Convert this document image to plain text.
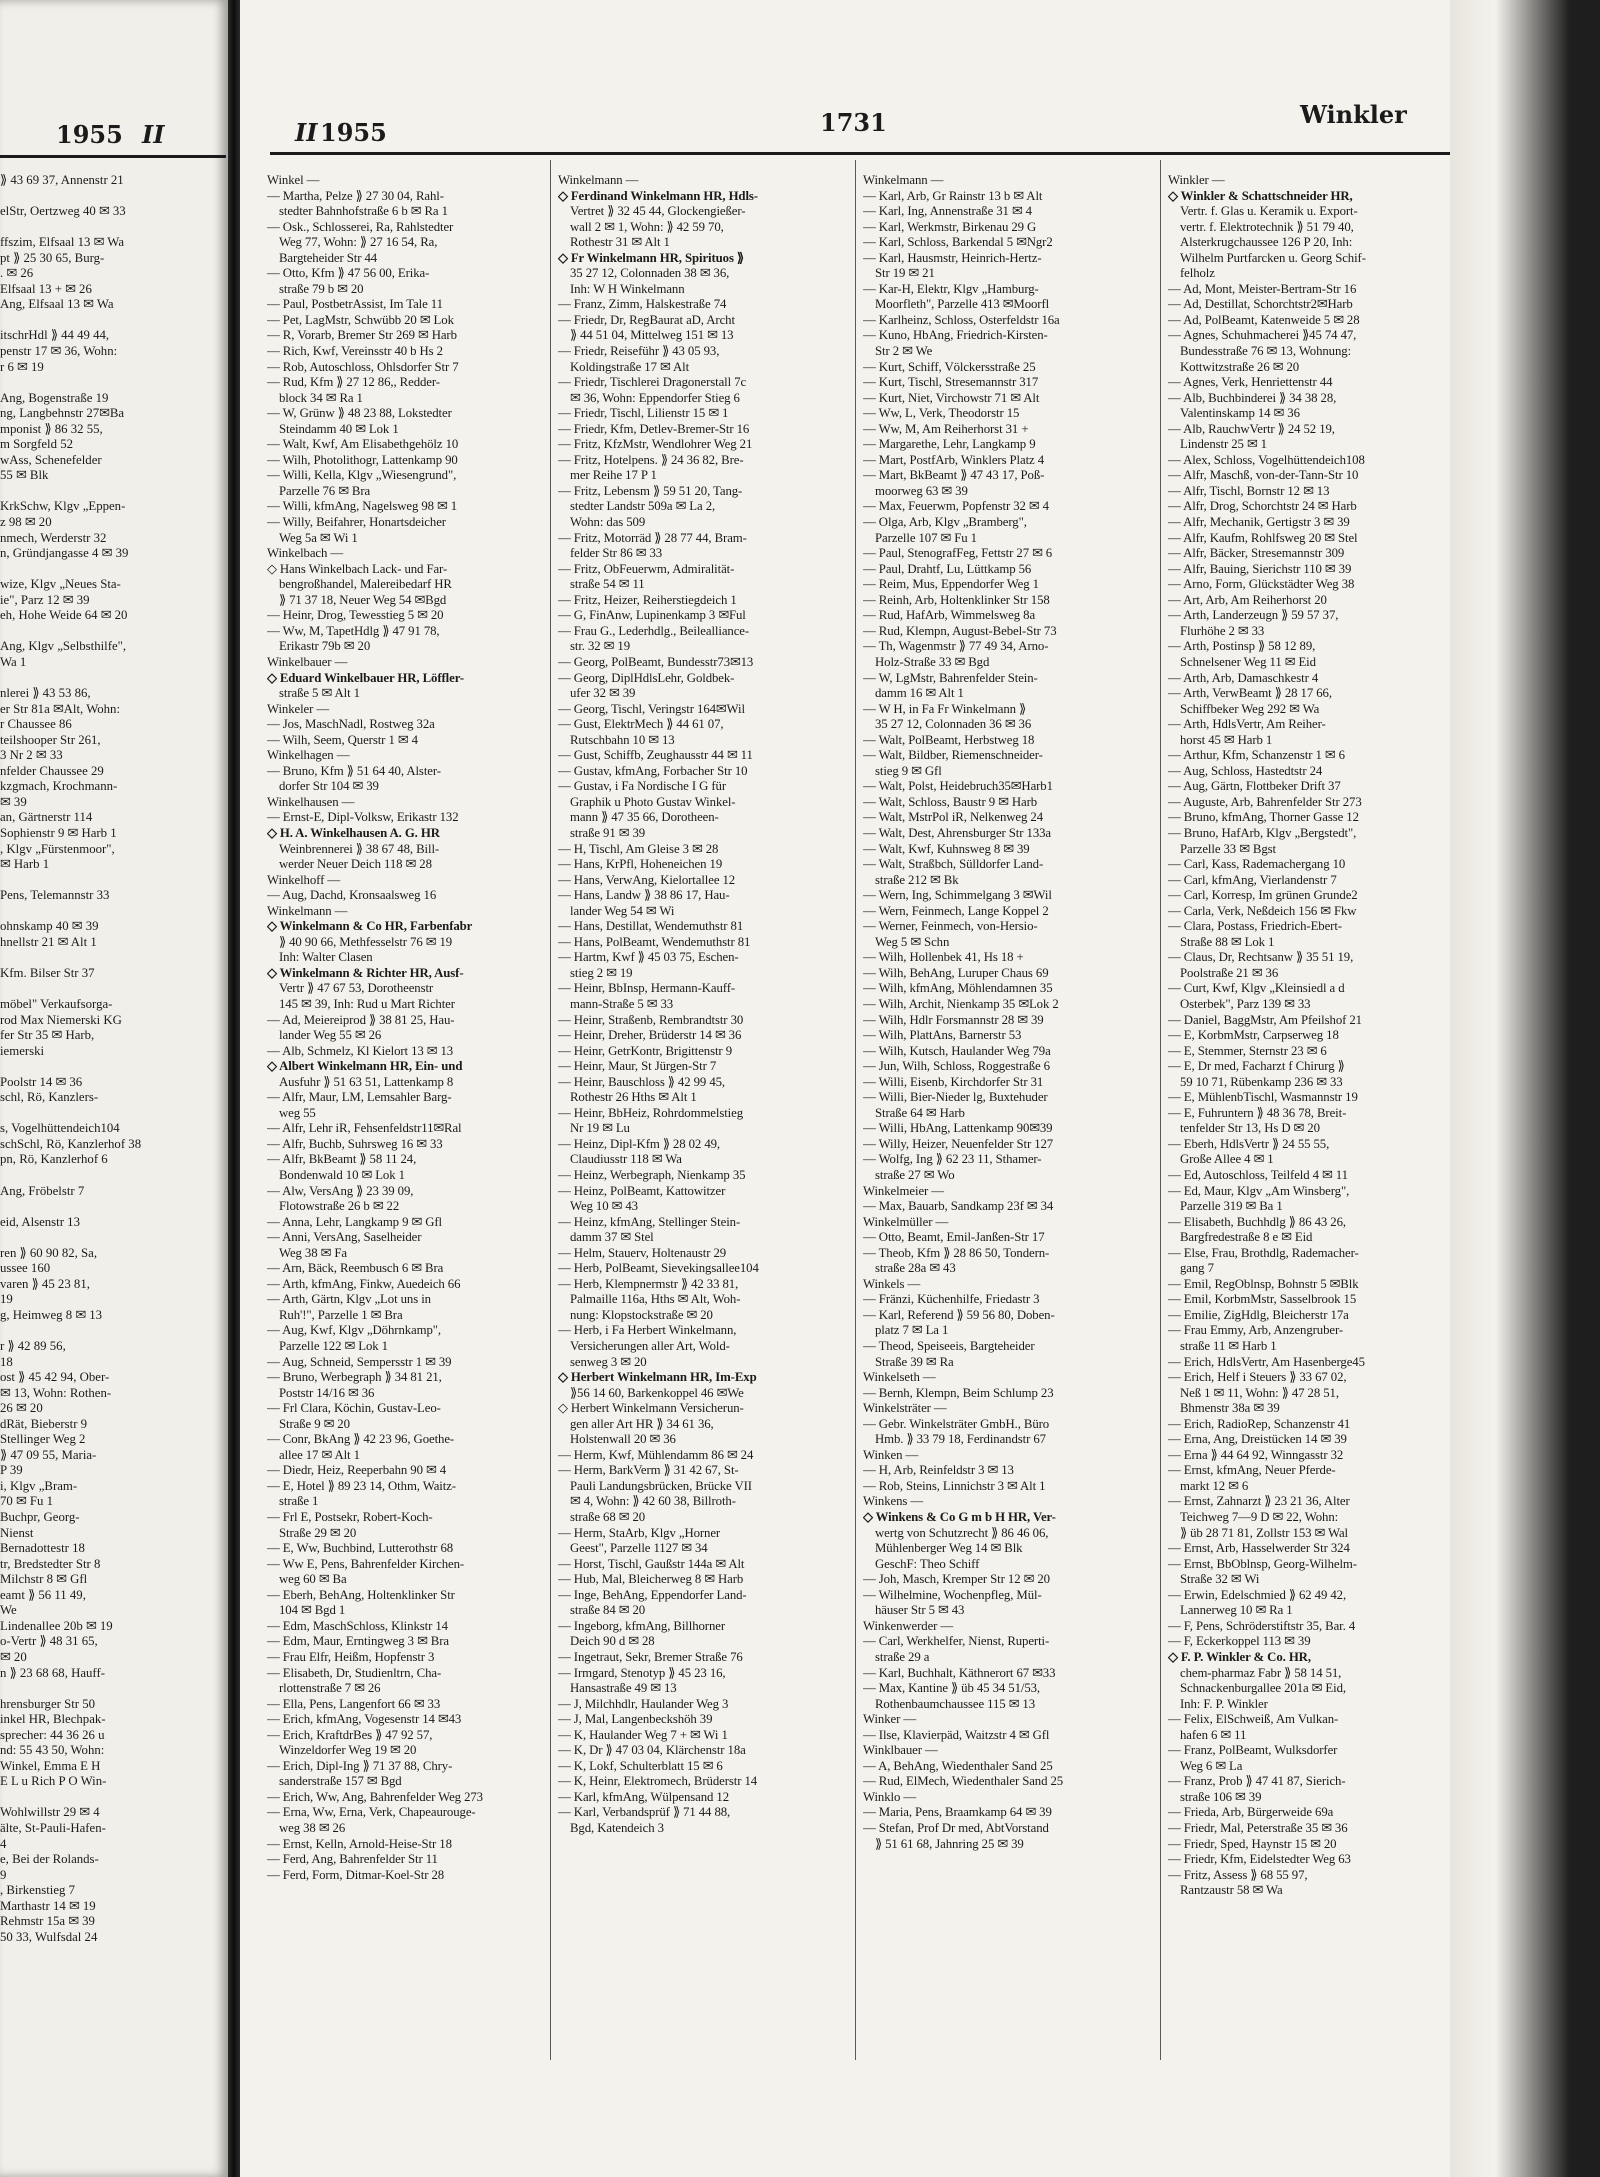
1955 II
⟫ 43 69 37, Annenstr 21

elStr, Oertzweg 40 ✉ 33

ffszim, Elfsaal 13 ✉ Wa
pt ⟫ 25 30 65, Burg-
. ✉ 26
Elfsaal 13 + ✉ 26
Ang, Elfsaal 13 ✉ Wa

itschrHdl ⟫ 44 49 44,
penstr 17 ✉ 36, Wohn:
r 6 ✉ 19

Ang, Bogenstraße 19
ng, Langbehnstr 27✉Ba
mponist ⟫ 86 32 55,
m Sorgfeld 52
wAss, Schenefelder
55 ✉ Blk

KrkSchw, Klgv „Eppen-
z 98 ✉ 20
nmech, Werderstr 32
n, Gründjangasse 4 ✉ 39

wize, Klgv „Neues Sta-
ie", Parz 12 ✉ 39
eh, Hohe Weide 64 ✉ 20

Ang, Klgv „Selbsthilfe",
Wa 1

nlerei ⟫ 43 53 86,
er Str 81a ✉Alt, Wohn:
r Chaussee 86
teilshooper Str 261,
3 Nr 2 ✉ 33
nfelder Chaussee 29
kzgmach, Krochmann-
✉ 39
an, Gärtnerstr 114
Sophienstr 9 ✉ Harb 1
, Klgv „Fürstenmoor",
✉ Harb 1

Pens, Telemannstr 33

ohnskamp 40 ✉ 39
hnellstr 21 ✉ Alt 1

Kfm. Bilser Str 37

möbel" Verkaufsorga-
rod Max Niemerski KG
fer Str 35 ✉ Harb,
iemerski

Poolstr 14 ✉ 36
schl, Rö, Kanzlers-

s, Vogelhüttendeich104
schSchl, Rö, Kanzlerhof 38
pn, Rö, Kanzlerhof 6

Ang, Fröbelstr 7

eid, Alsenstr 13

ren ⟫ 60 90 82, Sa,
ussee 160
varen ⟫ 45 23 81,
19
g, Heimweg 8 ✉ 13

r ⟫ 42 89 56,
18
ost ⟫ 45 42 94, Ober-
✉ 13, Wohn: Rothen-
26 ✉ 20
dRät, Bieberstr 9
Stellinger Weg 2
⟫ 47 09 55, Maria-
P 39
i, Klgv „Bram-
70 ✉ Fu 1
Buchpr, Georg-
Nienst
Bernadottestr 18
tr, Bredstedter Str 8
Milchstr 8 ✉ Gfl
eamt ⟫ 56 11 49,
We
Lindenallee 20b ✉ 19
o-Vertr ⟫ 48 31 65,
✉ 20
n ⟫ 23 68 68, Hauff-

hrensburger Str 50
inkel HR, Blechpak-
sprecher: 44 36 26 u
nd: 55 43 50, Wohn:
Winkel, Emma E H
E L u Rich P O Win-

Wohlwillstr 29 ✉ 4
älte, St-Pauli-Hafen-
4
e, Bei der Rolands-
9
, Birkenstieg 7
Marthastr 14 ✉ 19
Rehmstr 15a ✉ 39
50 33, Wulfsdal 24
II 1955	1731	Winkler
Winkel —
— Martha, Pelze ⟫ 27 30 04, Rahl-
stedter Bahnhofstraße 6 b ✉ Ra 1
— Osk., Schlosserei, Ra, Rahlstedter
Weg 77, Wohn: ⟫ 27 16 54, Ra,
Bargteheider Str 44
— Otto, Kfm ⟫ 47 56 00, Erika-
straße 79 b ✉ 20
— Paul, PostbetrAssist, Im Tale 11
— Pet, LagMstr, Schwübb 20 ✉ Lok
— R, Vorarb, Bremer Str 269 ✉ Harb
— Rich, Kwf, Vereinsstr 40 b Hs 2
— Rob, Autoschloss, Ohlsdorfer Str 7
— Rud, Kfm ⟫ 27 12 86,, Redder-
block 34 ✉ Ra 1
— W, Grünw ⟫ 48 23 88, Lokstedter
Steindamm 40 ✉ Lok 1
— Walt, Kwf, Am Elisabethgehölz 10
— Wilh, Photolithogr, Lattenkamp 90
— Willi, Kella, Klgv „Wiesengrund",
Parzelle 76 ✉ Bra
— Willi, kfmAng, Nagelsweg 98 ✉ 1
— Willy, Beifahrer, Honartsdeicher
Weg 5a ✉ Wi 1
Winkelbach —
◇ Hans Winkelbach Lack- und Far-
bengroßhandel, Malereibedarf HR
⟫ 71 37 18, Neuer Weg 54 ✉Bgd
— Heinr, Drog, Tewesstieg 5 ✉ 20
— Ww, M, TapetHdlg ⟫ 47 91 78,
Erikastr 79b ✉ 20
Winkelbauer —
◇ Eduard Winkelbauer HR, Löffler-
straße 5 ✉ Alt 1
Winkeler —
— Jos, MaschNadl, Rostweg 32a
— Wilh, Seem, Querstr 1 ✉ 4
Winkelhagen —
— Bruno, Kfm ⟫ 51 64 40, Alster-
dorfer Str 104 ✉ 39
Winkelhausen —
— Ernst-E, Dipl-Volksw, Erikastr 132
◇ H. A. Winkelhausen A. G. HR
Weinbrennerei ⟫ 38 67 48, Bill-
werder Neuer Deich 118 ✉ 28
Winkelhoff —
— Aug, Dachd, Kronsaalsweg 16
Winkelmann —
◇ Winkelmann & Co HR, Farbenfabr
⟫ 40 90 66, Methfesselstr 76 ✉ 19
Inh: Walter Clasen
◇ Winkelmann & Richter HR, Ausf-
Vertr ⟫ 47 67 53, Dorotheenstr
145 ✉ 39, Inh: Rud u Mart Richter
— Ad, Meiereiprod ⟫ 38 81 25, Hau-
lander Weg 55 ✉ 26
— Alb, Schmelz, Kl Kielort 13 ✉ 13
◇ Albert Winkelmann HR, Ein- und
Ausfuhr ⟫ 51 63 51, Lattenkamp 8
— Alfr, Maur, LM, Lemsahler Barg-
weg 55
— Alfr, Lehr iR, Fehsenfeldstr11✉Ral
— Alfr, Buchb, Suhrsweg 16 ✉ 33
— Alfr, BkBeamt ⟫ 58 11 24,
Bondenwald 10 ✉ Lok 1
— Alw, VersAng ⟫ 23 39 09,
Flotowstraße 26 b ✉ 22
— Anna, Lehr, Langkamp 9 ✉ Gfl
— Anni, VersAng, Saselheider
Weg 38 ✉ Fa
— Arn, Bäck, Reembusch 6 ✉ Bra
— Arth, kfmAng, Finkw, Auedeich 66
— Arth, Gärtn, Klgv „Lot uns in
Ruh'!", Parzelle 1 ✉ Bra
— Aug, Kwf, Klgv „Döhrnkamp",
Parzelle 122 ✉ Lok 1
— Aug, Schneid, Sempersstr 1 ✉ 39
— Bruno, Werbegraph ⟫ 34 81 21,
Poststr 14/16 ✉ 36
— Frl Clara, Köchin, Gustav-Leo-
Straße 9 ✉ 20
— Conr, BkAng ⟫ 42 23 96, Goethe-
allee 17 ✉ Alt 1
— Diedr, Heiz, Reeperbahn 90 ✉ 4
— E, Hotel ⟫ 89 23 14, Othm, Waitz-
straße 1
— Frl E, Postsekr, Robert-Koch-
Straße 29 ✉ 20
— E, Ww, Buchbind, Lutterothstr 68
— Ww E, Pens, Bahrenfelder Kirchen-
weg 60 ✉ Ba
— Eberh, BehAng, Holtenklinker Str
104 ✉ Bgd 1
— Edm, MaschSchloss, Klinkstr 14
— Edm, Maur, Erntingweg 3 ✉ Bra
— Frau Elfr, Heißm, Hopfenstr 3
— Elisabeth, Dr, Studienltrn, Cha-
rlottenstraße 7 ✉ 26
— Ella, Pens, Langenfort 66 ✉ 33
— Erich, kfmAng, Vogesenstr 14 ✉43
— Erich, KraftdrBes ⟫ 47 92 57,
Winzeldorfer Weg 19 ✉ 20
— Erich, Dipl-Ing ⟫ 71 37 88, Chry-
sanderstraße 157 ✉ Bgd
— Erich, Ww, Ang, Bahrenfelder Weg 273
— Erna, Ww, Erna, Verk, Chapeaurouge-
weg 38 ✉ 26
— Ernst, Kelln, Arnold-Heise-Str 18
— Ferd, Ang, Bahrenfelder Str 11
— Ferd, Form, Ditmar-Koel-Str 28
Winkelmann —
◇ Ferdinand Winkelmann HR, Hdls-
Vertret ⟫ 32 45 44, Glockengießer-
wall 2 ✉ 1, Wohn: ⟫ 42 59 70,
Rothestr 31 ✉ Alt 1
◇ Fr Winkelmann HR, Spirituos ⟫
35 27 12, Colonnaden 38 ✉ 36,
Inh: W H Winkelmann
— Franz, Zimm, Halskestraße 74
— Friedr, Dr, RegBaurat aD, Archt
⟫ 44 51 04, Mittelweg 151 ✉ 13
— Friedr, Reiseführ ⟫ 43 05 93,
Koldingstraße 17 ✉ Alt
— Friedr, Tischlerei Dragonerstall 7c
✉ 36, Wohn: Eppendorfer Stieg 6
— Friedr, Tischl, Lilienstr 15 ✉ 1
— Friedr, Kfm, Detlev-Bremer-Str 16
— Fritz, KfzMstr, Wendlohrer Weg 21
— Fritz, Hotelpens. ⟫ 24 36 82, Bre-
mer Reihe 17 P 1
— Fritz, Lebensm ⟫ 59 51 20, Tang-
stedter Landstr 509a ✉ La 2,
Wohn: das 509
— Fritz, Motorräd ⟫ 28 77 44, Bram-
felder Str 86 ✉ 33
— Fritz, ObFeuerwm, Admiralität-
straße 54 ✉ 11
— Fritz, Heizer, Reiherstiegdeich 1
— G, FinAnw, Lupinenkamp 3 ✉Ful
— Frau G., Lederhdlg., Beilealliance-
str. 32 ✉ 19
— Georg, PolBeamt, Bundesstr73✉13
— Georg, DiplHdlsLehr, Goldbek-
ufer 32 ✉ 39
— Georg, Tischl, Veringstr 164✉Wil
— Gust, ElektrMech ⟫ 44 61 07,
Rutschbahn 10 ✉ 13
— Gust, Schiffb, Zeughausstr 44 ✉ 11
— Gustav, kfmAng, Forbacher Str 10
— Gustav, i Fa Nordische I G für
Graphik u Photo Gustav Winkel-
mann ⟫ 47 35 66, Dorotheen-
straße 91 ✉ 39
— H, Tischl, Am Gleise 3 ✉ 28
— Hans, KrPfl, Hoheneichen 19
— Hans, VerwAng, Kielortallee 12
— Hans, Landw ⟫ 38 86 17, Hau-
lander Weg 54 ✉ Wi
— Hans, Destillat, Wendemuthstr 81
— Hans, PolBeamt, Wendemuthstr 81
— Hartm, Kwf ⟫ 45 03 75, Eschen-
stieg 2 ✉ 19
— Heinr, BbInsp, Hermann-Kauff-
mann-Straße 5 ✉ 33
— Heinr, Straßenb, Rembrandtstr 30
— Heinr, Dreher, Brüderstr 14 ✉ 36
— Heinr, GetrKontr, Brigittenstr 9
— Heinr, Maur, St Jürgen-Str 7
— Heinr, Bauschloss ⟫ 42 99 45,
Rothestr 26 Hths ✉ Alt 1
— Heinr, BbHeiz, Rohrdommelstieg
Nr 19 ✉ Lu
— Heinz, Dipl-Kfm ⟫ 28 02 49,
Claudiusstr 118 ✉ Wa
— Heinz, Werbegraph, Nienkamp 35
— Heinz, PolBeamt, Kattowitzer
Weg 10 ✉ 43
— Heinz, kfmAng, Stellinger Stein-
damm 37 ✉ Stel
— Helm, Stauerv, Holtenaustr 29
— Herb, PolBeamt, Sievekingsallee104
— Herb, Klempnermstr ⟫ 42 33 81,
Palmaille 116a, Hths ✉ Alt, Woh-
nung: Klopstockstraße ✉ 20
— Herb, i Fa Herbert Winkelmann,
Versicherungen aller Art, Wold-
senweg 3 ✉ 20
◇ Herbert Winkelmann HR, Im-Exp
⟫56 14 60, Barkenkoppel 46 ✉We
◇ Herbert Winkelmann Versicherun-
gen aller Art HR ⟫ 34 61 36,
Holstenwall 20 ✉ 36
— Herm, Kwf, Mühlendamm 86 ✉ 24
— Herm, BarkVerm ⟫ 31 42 67, St-
Pauli Landungsbrücken, Brücke VII
✉ 4, Wohn: ⟫ 42 60 38, Billroth-
straße 68 ✉ 20
— Herm, StaArb, Klgv „Horner
Geest", Parzelle 1127 ✉ 34
— Horst, Tischl, Gaußstr 144a ✉ Alt
— Hub, Mal, Bleicherweg 8 ✉ Harb
— Inge, BehAng, Eppendorfer Land-
straße 84 ✉ 20
— Ingeborg, kfmAng, Billhorner
Deich 90 d ✉ 28
— Ingetraut, Sekr, Bremer Straße 76
— Irmgard, Stenotyp ⟫ 45 23 16,
Hansastraße 49 ✉ 13
— J, Milchhdlr, Haulander Weg 3
— J, Mal, Langenbeckshöh 39
— K, Haulander Weg 7 + ✉ Wi 1
— K, Dr ⟫ 47 03 04, Klärchenstr 18a
— K, Lokf, Schulterblatt 15 ✉ 6
— K, Heinr, Elektromech, Brüderstr 14
— Karl, kfmAng, Wülpensand 12
— Karl, Verbandsprüf ⟫ 71 44 88,
Bgd, Katendeich 3
Winkelmann —
— Karl, Arb, Gr Rainstr 13 b ✉ Alt
— Karl, Ing, Annenstraße 31 ✉ 4
— Karl, Werkmstr, Birkenau 29 G
— Karl, Schloss, Barkendal 5 ✉Ngr2
— Karl, Hausmstr, Heinrich-Hertz-
Str 19 ✉ 21
— Kar-H, Elektr, Klgv „Hamburg-
Moorfleth", Parzelle 413 ✉Moorfl
— Karlheinz, Schloss, Osterfeldstr 16a
— Kuno, HbAng, Friedrich-Kirsten-
Str 2 ✉ We
— Kurt, Schiff, Völckersstraße 25
— Kurt, Tischl, Stresemannstr 317
— Kurt, Niet, Virchowstr 71 ✉ Alt
— Ww, L, Verk, Theodorstr 15
— Ww, M, Am Reiherhorst 31 +
— Margarethe, Lehr, Langkamp 9
— Mart, PostfArb, Winklers Platz 4
— Mart, BkBeamt ⟫ 47 43 17, Poß-
moorweg 63 ✉ 39
— Max, Feuerwm, Popfenstr 32 ✉ 4
— Olga, Arb, Klgv „Bramberg",
Parzelle 107 ✉ Fu 1
— Paul, StenografFeg, Fettstr 27 ✉ 6
— Paul, Drahtf, Lu, Lüttkamp 56
— Reim, Mus, Eppendorfer Weg 1
— Reinh, Arb, Holtenklinker Str 158
— Rud, HafArb, Wimmelsweg 8a
— Rud, Klempn, August-Bebel-Str 73
— Th, Wagenmstr ⟫ 77 49 34, Arno-
Holz-Straße 33 ✉ Bgd
— W, LgMstr, Bahrenfelder Stein-
damm 16 ✉ Alt 1
— W H, in Fa Fr Winkelmann ⟫
35 27 12, Colonnaden 36 ✉ 36
— Walt, PolBeamt, Herbstweg 18
— Walt, Bildber, Riemenschneider-
stieg 9 ✉ Gfl
— Walt, Polst, Heidebruch35✉Harb1
— Walt, Schloss, Baustr 9 ✉ Harb
— Walt, MstrPol iR, Nelkenweg 24
— Walt, Dest, Ahrensburger Str 133a
— Walt, Kwf, Kuhnsweg 8 ✉ 39
— Walt, Straßbch, Sülldorfer Land-
straße 212 ✉ Bk
— Wern, Ing, Schimmelgang 3 ✉Wil
— Wern, Feinmech, Lange Koppel 2
— Werner, Feinmech, von-Hersio-
Weg 5 ✉ Schn
— Wilh, Hollenbek 41, Hs 18 +
— Wilh, BehAng, Luruper Chaus 69
— Wilh, kfmAng, Möhlendamnen 35
— Wilh, Archit, Nienkamp 35 ✉Lok 2
— Wilh, Hdlr Forsmannstr 28 ✉ 39
— Wilh, PlattAns, Barnerstr 53
— Wilh, Kutsch, Haulander Weg 79a
— Jun, Wilh, Schloss, Roggestraße 6
— Willi, Eisenb, Kirchdorfer Str 31
— Willi, Bier-Nieder lg, Buxtehuder
Straße 64 ✉ Harb
— Willi, HbAng, Lattenkamp 90✉39
— Willy, Heizer, Neuenfelder Str 127
— Wolfg, Ing ⟫ 62 23 11, Sthamer-
straße 27 ✉ Wo
Winkelmeier —
— Max, Bauarb, Sandkamp 23f ✉ 34
Winkelmüller —
— Otto, Beamt, Emil-Janßen-Str 17
— Theob, Kfm ⟫ 28 86 50, Tondern-
straße 28a ✉ 43
Winkels —
— Fränzi, Küchenhilfe, Friedastr 3
— Karl, Referend ⟫ 59 56 80, Doben-
platz 7 ✉ La 1
— Theod, Speiseeis, Bargteheider
Straße 39 ✉ Ra
Winkelseth —
— Bernh, Klempn, Beim Schlump 23
Winkelsträter —
— Gebr. Winkelsträter GmbH., Büro
Hmb. ⟫ 33 79 18, Ferdinandstr 67
Winken —
— H, Arb, Reinfeldstr 3 ✉ 13
— Rob, Steins, Linnichstr 3 ✉ Alt 1
Winkens —
◇ Winkens & Co G m b H HR, Ver-
wertg von Schutzrecht ⟫ 86 46 06,
Mühlenberger Weg 14 ✉ Blk
GeschF: Theo Schiff
— Joh, Masch, Kremper Str 12 ✉ 20
— Wilhelmine, Wochenpfleg, Mül-
häuser Str 5 ✉ 43
Winkenwerder —
— Carl, Werkhelfer, Nienst, Ruperti-
straße 29 a
— Karl, Buchhalt, Käthnerort 67 ✉33
— Max, Kantine ⟫ üb 45 34 51/53,
Rothenbaumchaussee 115 ✉ 13
Winker —
— Ilse, Klavierpäd, Waitzstr 4 ✉ Gfl
Winklbauer —
— A, BehAng, Wiedenthaler Sand 25
— Rud, ElMech, Wiedenthaler Sand 25
Winklo —
— Maria, Pens, Braamkamp 64 ✉ 39
— Stefan, Prof Dr med, AbtVorstand
⟫ 51 61 68, Jahnring 25 ✉ 39
Winkler —
◇ Winkler & Schattschneider HR,
Vertr. f. Glas u. Keramik u. Export-
vertr. f. Elektrotechnik ⟫ 51 79 40,
Alsterkrugchaussee 126 P 20, Inh:
Wilhelm Purtfarcken u. Georg Schif-
felholz
— Ad, Mont, Meister-Bertram-Str 16
— Ad, Destillat, Schorchtstr2✉Harb
— Ad, PolBeamt, Katenweide 5 ✉ 28
— Agnes, Schuhmacherei ⟫45 74 47,
Bundesstraße 76 ✉ 13, Wohnung:
Kottwitzstraße 26 ✉ 20
— Agnes, Verk, Henriettenstr 44
— Alb, Buchbinderei ⟫ 34 38 28,
Valentinskamp 14 ✉ 36
— Alb, RauchwVertr ⟫ 24 52 19,
Lindenstr 25 ✉ 1
— Alex, Schloss, Vogelhüttendeich108
— Alfr, Maschß, von-der-Tann-Str 10
— Alfr, Tischl, Bornstr 12 ✉ 13
— Alfr, Drog, Schorchtstr 24 ✉ Harb
— Alfr, Mechanik, Gertigstr 3 ✉ 39
— Alfr, Kaufm, Rohlfsweg 20 ✉ Stel
— Alfr, Bäcker, Stresemannstr 309
— Alfr, Bauing, Sierichstr 110 ✉ 39
— Arno, Form, Glückstädter Weg 38
— Art, Arb, Am Reiherhorst 20
— Arth, Landerzeugn ⟫ 59 57 37,
Flurhöhe 2 ✉ 33
— Arth, Postinsp ⟫ 58 12 89,
Schnelsener Weg 11 ✉ Eid
— Arth, Arb, Damaschkestr 4
— Arth, VerwBeamt ⟫ 28 17 66,
Schiffbeker Weg 292 ✉ Wa
— Arth, HdlsVertr, Am Reiher-
horst 45 ✉ Harb 1
— Arthur, Kfm, Schanzenstr 1 ✉ 6
— Aug, Schloss, Hastedtstr 24
— Aug, Gärtn, Flottbeker Drift 37
— Auguste, Arb, Bahrenfelder Str 273
— Bruno, kfmAng, Thorner Gasse 12
— Bruno, HafArb, Klgv „Bergstedt",
Parzelle 33 ✉ Bgst
— Carl, Kass, Rademachergang 10
— Carl, kfmAng, Vierlandenstr 7
— Carl, Korresp, Im grünen Grunde2
— Carla, Verk, Neßdeich 156 ✉ Fkw
— Clara, Postass, Friedrich-Ebert-
Straße 88 ✉ Lok 1
— Claus, Dr, Rechtsanw ⟫ 35 51 19,
Poolstraße 21 ✉ 36
— Curt, Kwf, Klgv „Kleinsiedl a d
Osterbek", Parz 139 ✉ 33
— Daniel, BaggMstr, Am Pfeilshof 21
— E, KorbmMstr, Carpserweg 18
— E, Stemmer, Sternstr 23 ✉ 6
— E, Dr med, Facharzt f Chirurg ⟫
59 10 71, Rübenkamp 236 ✉ 33
— E, MühlenbTischl, Wasmannstr 19
— E, Fuhruntern ⟫ 48 36 78, Breit-
tenfelder Str 13, Hs D ✉ 20
— Eberh, HdlsVertr ⟫ 24 55 55,
Große Allee 4 ✉ 1
— Ed, Autoschloss, Teilfeld 4 ✉ 11
— Ed, Maur, Klgv „Am Winsberg",
Parzelle 319 ✉ Ba 1
— Elisabeth, Buchhdlg ⟫ 86 43 26,
Bargfredestraße 8 e ✉ Eid
— Else, Frau, Brothdlg, Rademacher-
gang 7
— Emil, RegOblnsp, Bohnstr 5 ✉Blk
— Emil, KorbmMstr, Sasselbrook 15
— Emilie, ZigHdlg, Bleicherstr 17a
— Frau Emmy, Arb, Anzengruber-
straße 11 ✉ Harb 1
— Erich, HdlsVertr, Am Hasenberge45
— Erich, Helf i Steuers ⟫ 33 67 02,
Neß 1 ✉ 11, Wohn: ⟫ 47 28 51,
Bhmenstr 38a ✉ 39
— Erich, RadioRep, Schanzenstr 41
— Erna, Ang, Dreistücken 14 ✉ 39
— Erna ⟫ 44 64 92, Winngasstr 32
— Ernst, kfmAng, Neuer Pferde-
markt 12 ✉ 6
— Ernst, Zahnarzt ⟫ 23 21 36, Alter
Teichweg 7—9 D ✉ 22, Wohn:
⟫ üb 28 71 81, Zollstr 153 ✉ Wal
— Ernst, Arb, Hasselwerder Str 324
— Ernst, BbOblnsp, Georg-Wilhelm-
Straße 32 ✉ Wi
— Erwin, Edelschmied ⟫ 62 49 42,
Lannerweg 10 ✉ Ra 1
— F, Pens, Schröderstiftstr 35, Bar. 4
— F, Eckerkoppel 113 ✉ 39
◇ F. P. Winkler & Co. HR,
chem-pharmaz Fabr ⟫ 58 14 51,
Schnackenburgallee 201a ✉ Eid,
Inh: F. P. Winkler
— Felix, ElSchweiß, Am Vulkan-
hafen 6 ✉ 11
— Franz, PolBeamt, Wulksdorfer
Weg 6 ✉ La
— Franz, Prob ⟫ 47 41 87, Sierich-
straße 106 ✉ 39
— Frieda, Arb, Bürgerweide 69a
— Friedr, Mal, Peterstraße 35 ✉ 36
— Friedr, Sped, Haynstr 15 ✉ 20
— Friedr, Kfm, Eidelstedter Weg 63
— Fritz, Assess ⟫ 68 55 97,
Rantzaustr 58 ✉ Wa
